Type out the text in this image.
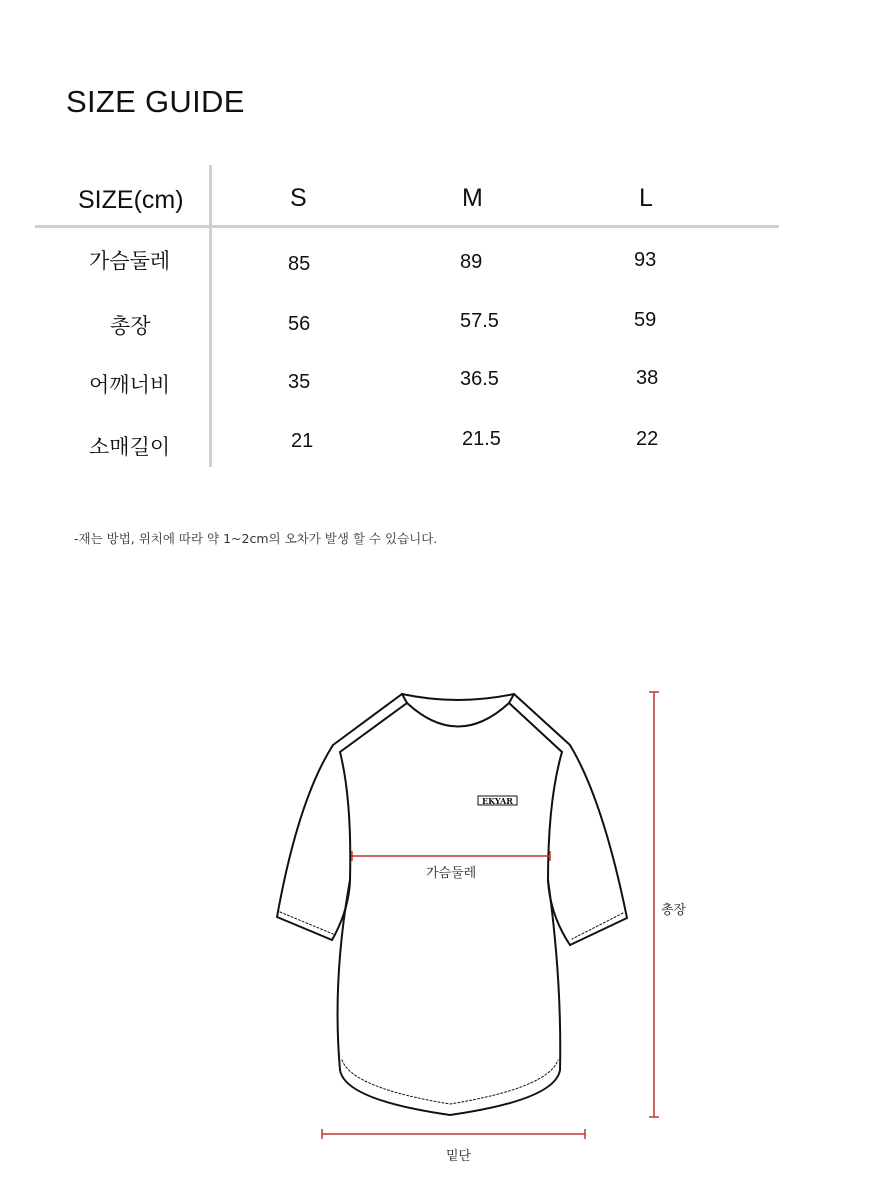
SIZE GUIDE
SIZE(cm)	S	M	L
가슴둘레	85	89	93
총장	56	57.5	59
어깨너비	35	36.5	38
소매길이	21	21.5	22
-재는 방법, 위치에 따라 약 1~2cm의 오차가 발생 할 수 있습니다.
EKYAR
가슴둘레
총장
밑단
